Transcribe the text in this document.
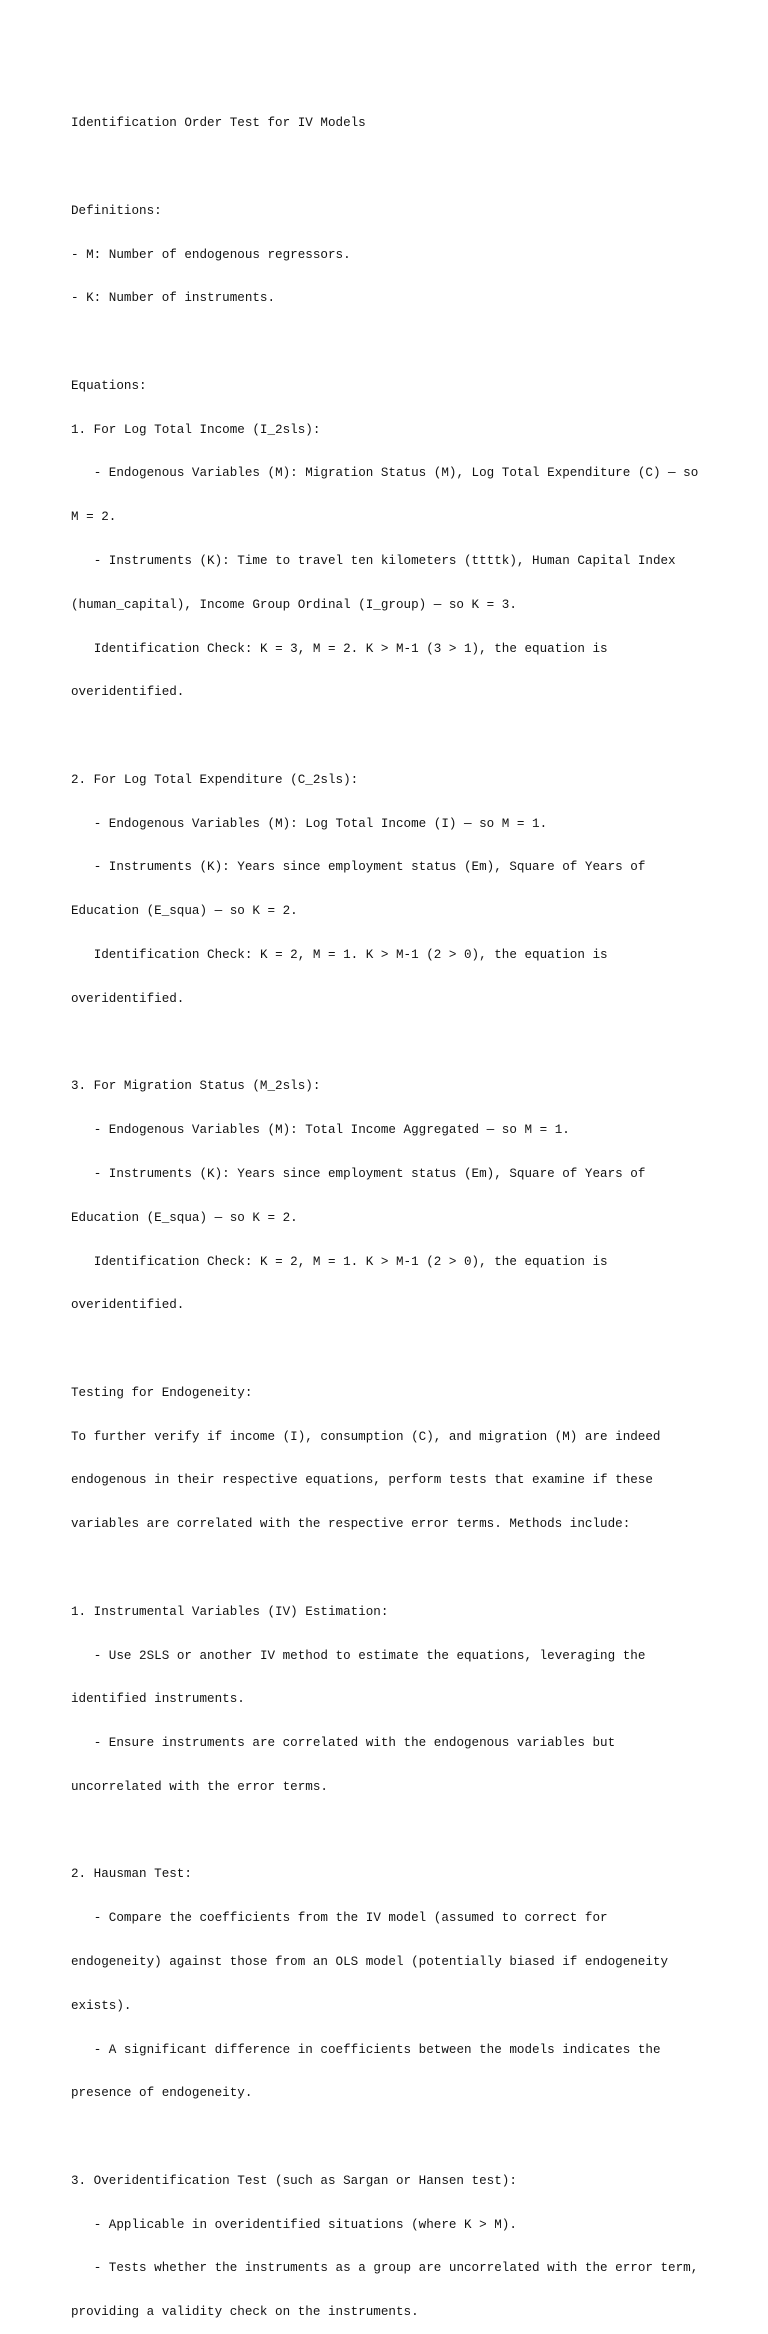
Identification Order Test for IV Models

Definitions:

- M: Number of endogenous regressors.

- K: Number of instruments.

Equations:

1. For Log Total Income (I_2sls):

- Endogenous Variables (M): Migration Status (M), Log Total Expenditure (C) — so

M = 2.

- Instruments (K): Time to travel ten kilometers (ttttk), Human Capital Index

(human_capital), Income Group Ordinal (I_group) — so K = 3.

Identification Check: K = 3, M = 2. K > M-1 (3 > 1), the equation is

overidentified.

2. For Log Total Expenditure (C_2sls):

- Endogenous Variables (M): Log Total Income (I) — so M = 1.

- Instruments (K): Years since employment status (Em), Square of Years of

Education (E_squa) — so K = 2.

Identification Check: K = 2, M = 1. K > M-1 (2 > 0), the equation is

overidentified.

3. For Migration Status (M_2sls):

- Endogenous Variables (M): Total Income Aggregated — so M = 1.

- Instruments (K): Years since employment status (Em), Square of Years of

Education (E_squa) — so K = 2.

Identification Check: K = 2, M = 1. K > M-1 (2 > 0), the equation is

overidentified.

Testing for Endogeneity:

To further verify if income (I), consumption (C), and migration (M) are indeed

endogenous in their respective equations, perform tests that examine if these

variables are correlated with the respective error terms. Methods include:

1. Instrumental Variables (IV) Estimation:

- Use 2SLS or another IV method to estimate the equations, leveraging the

identified instruments.

- Ensure instruments are correlated with the endogenous variables but

uncorrelated with the error terms.

2. Hausman Test:

- Compare the coefficients from the IV model (assumed to correct for

endogeneity) against those from an OLS model (potentially biased if endogeneity

exists).

- A significant difference in coefficients between the models indicates the

presence of endogeneity.

3. Overidentification Test (such as Sargan or Hansen test):

- Applicable in overidentified situations (where K > M).

- Tests whether the instruments as a group are uncorrelated with the error term,

providing a validity check on the instruments.
